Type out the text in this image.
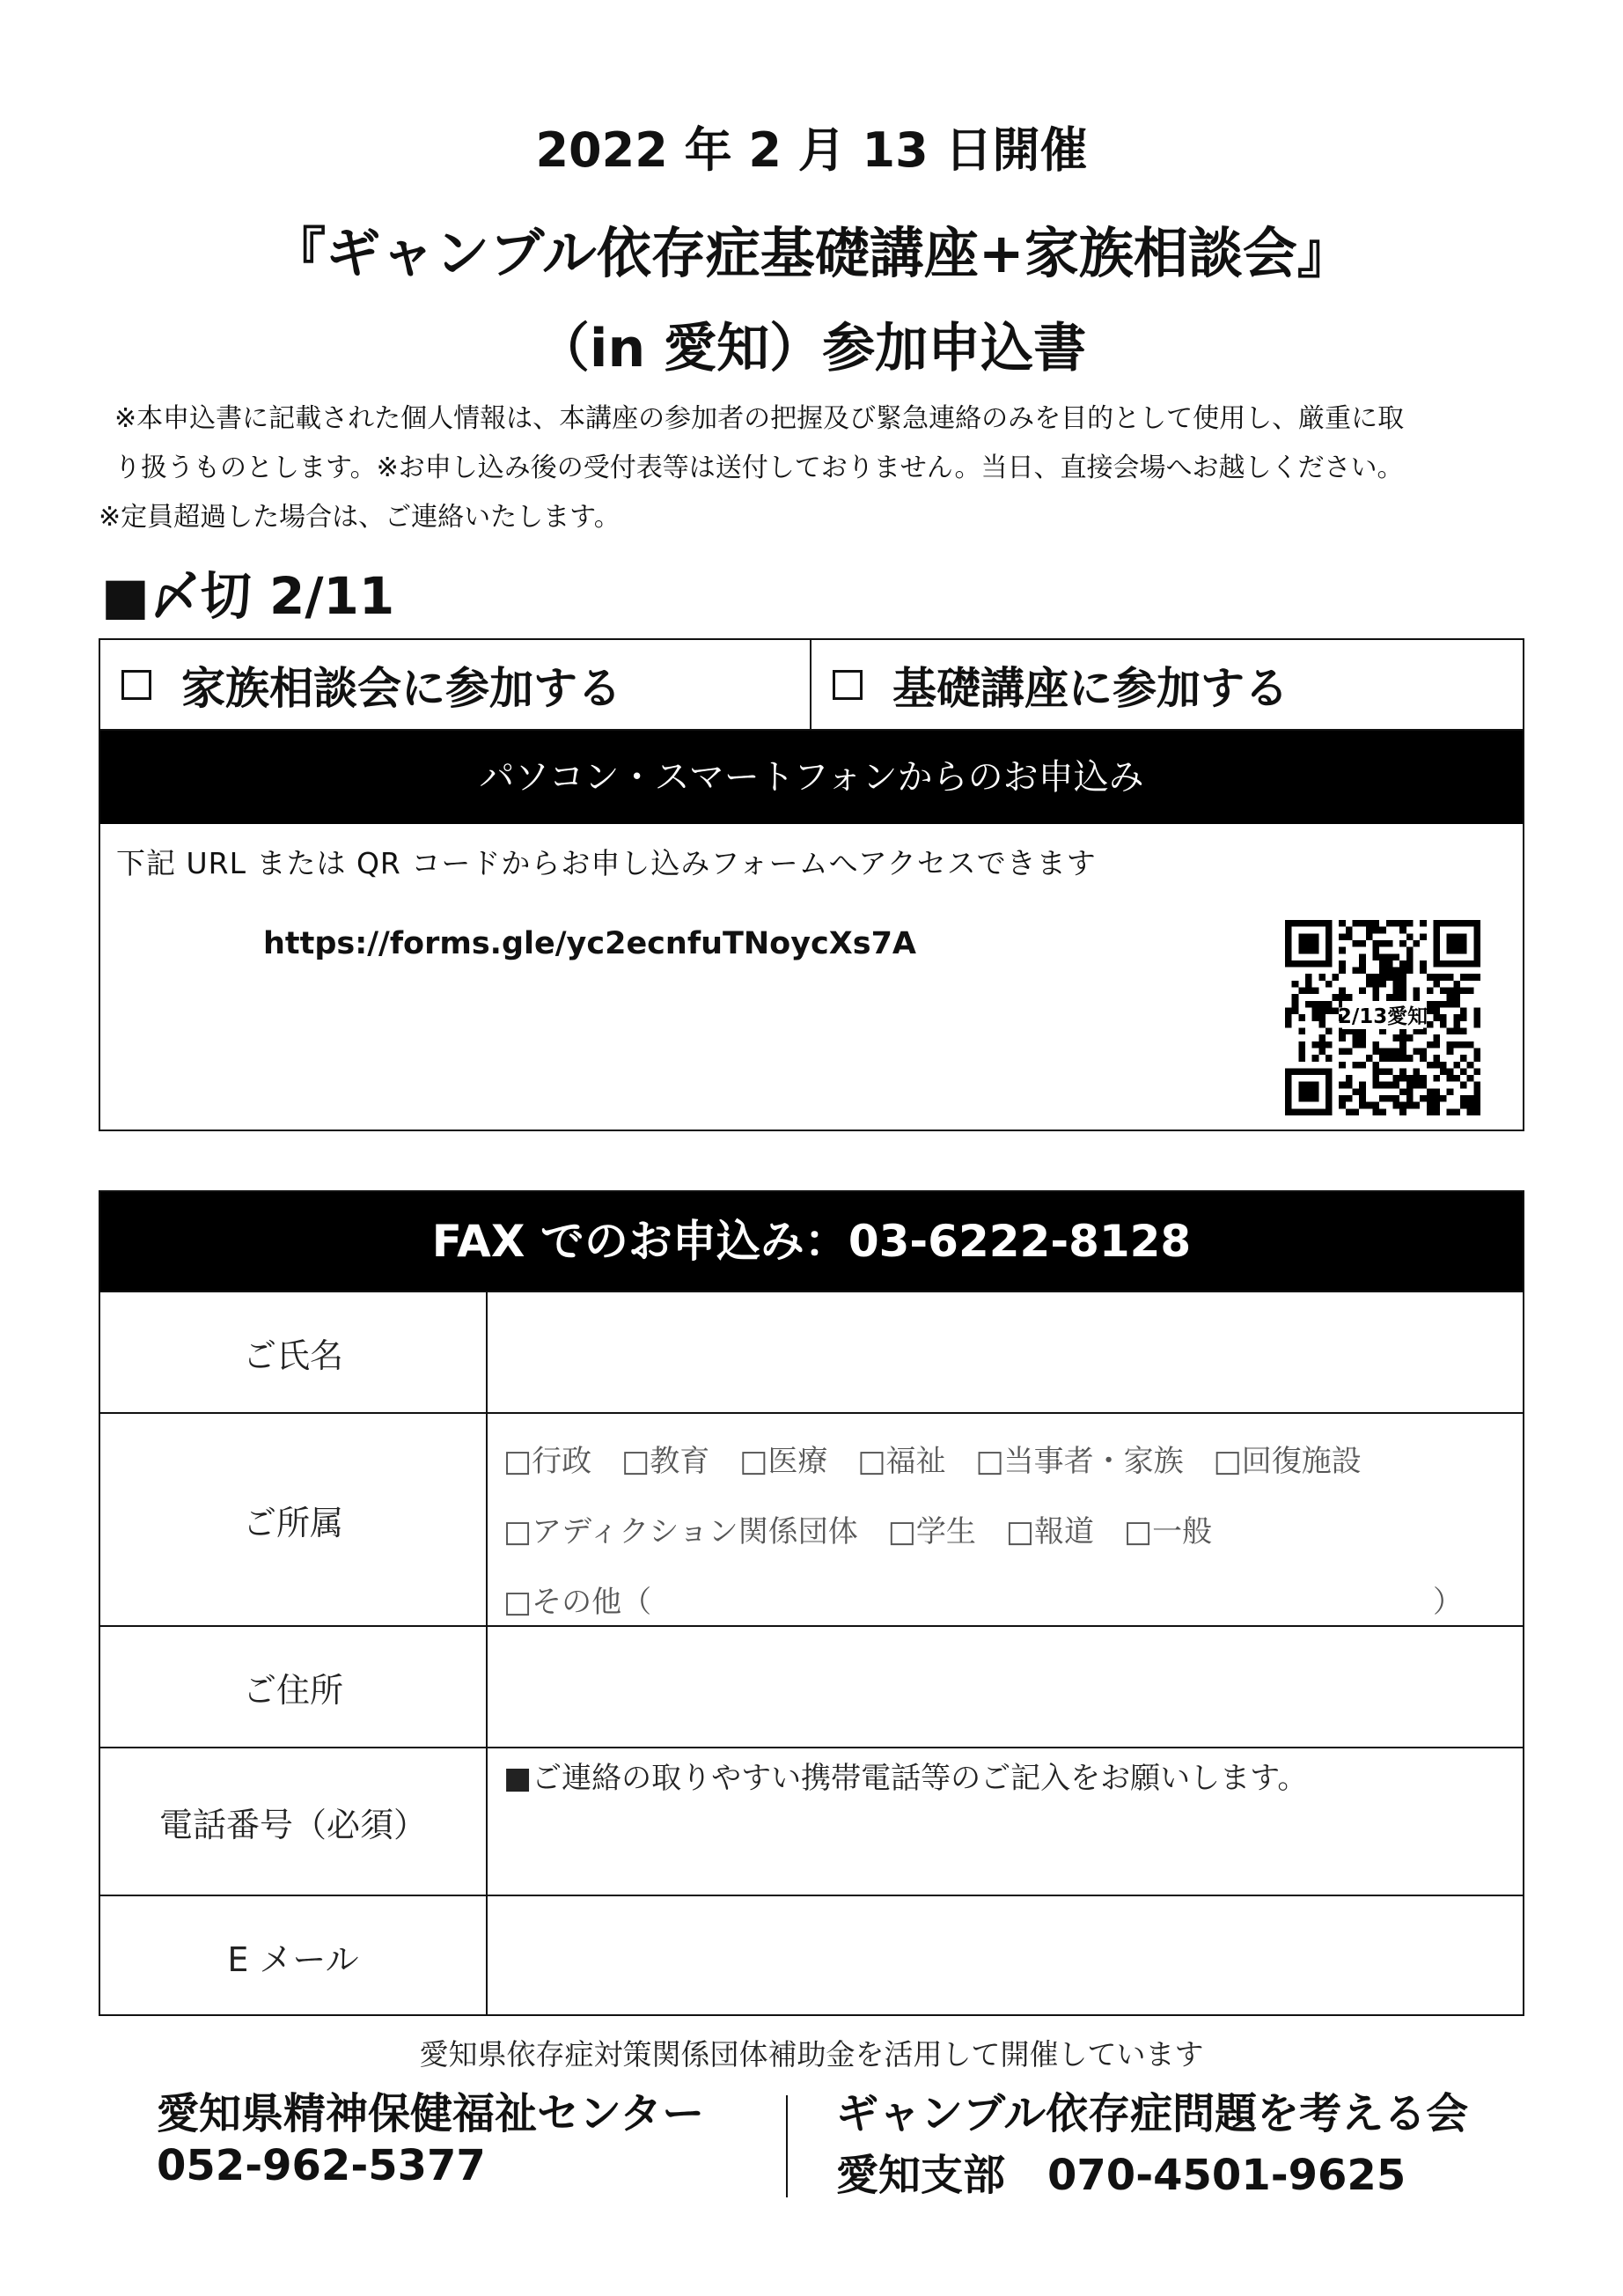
2022 年 2 月 13 日開催
『ギャンブル依存症基礎講座+家族相談会』
（in 愛知）参加申込書
※本申込書に記載された個人情報は、本講座の参加者の把握及び緊急連絡のみを目的として使用し、厳重に取
り扱うものとします。※お申し込み後の受付表等は送付しておりません。当日、直接会場へお越しください。
※定員超過した場合は、ご連絡いたします。
■〆切 2/11
家族相談会に参加する	基礎講座に参加する
パソコン・スマートフォンからのお申込み
下記 URL または QR コードからお申し込みフォームへアクセスできます
https://forms.gle/yc2ecnfuTNoycXs7A
2/13愛知
FAX でのお申込み：03-6222-8128
ご氏名
ご所属
□行政　□教育　□医療　□福祉　□当事者・家族　□回復施設
□アディクション関係団体　□学生　□報道　□一般
□その他（	）
ご住所
電話番号（必須）
■ご連絡の取りやすい携帯電話等のご記入をお願いします。
E メール
愛知県依存症対策関係団体補助金を活用して開催しています
愛知県精神保健福祉センター
052-962-5377
ギャンブル依存症問題を考える会
愛知支部　070-4501-9625
